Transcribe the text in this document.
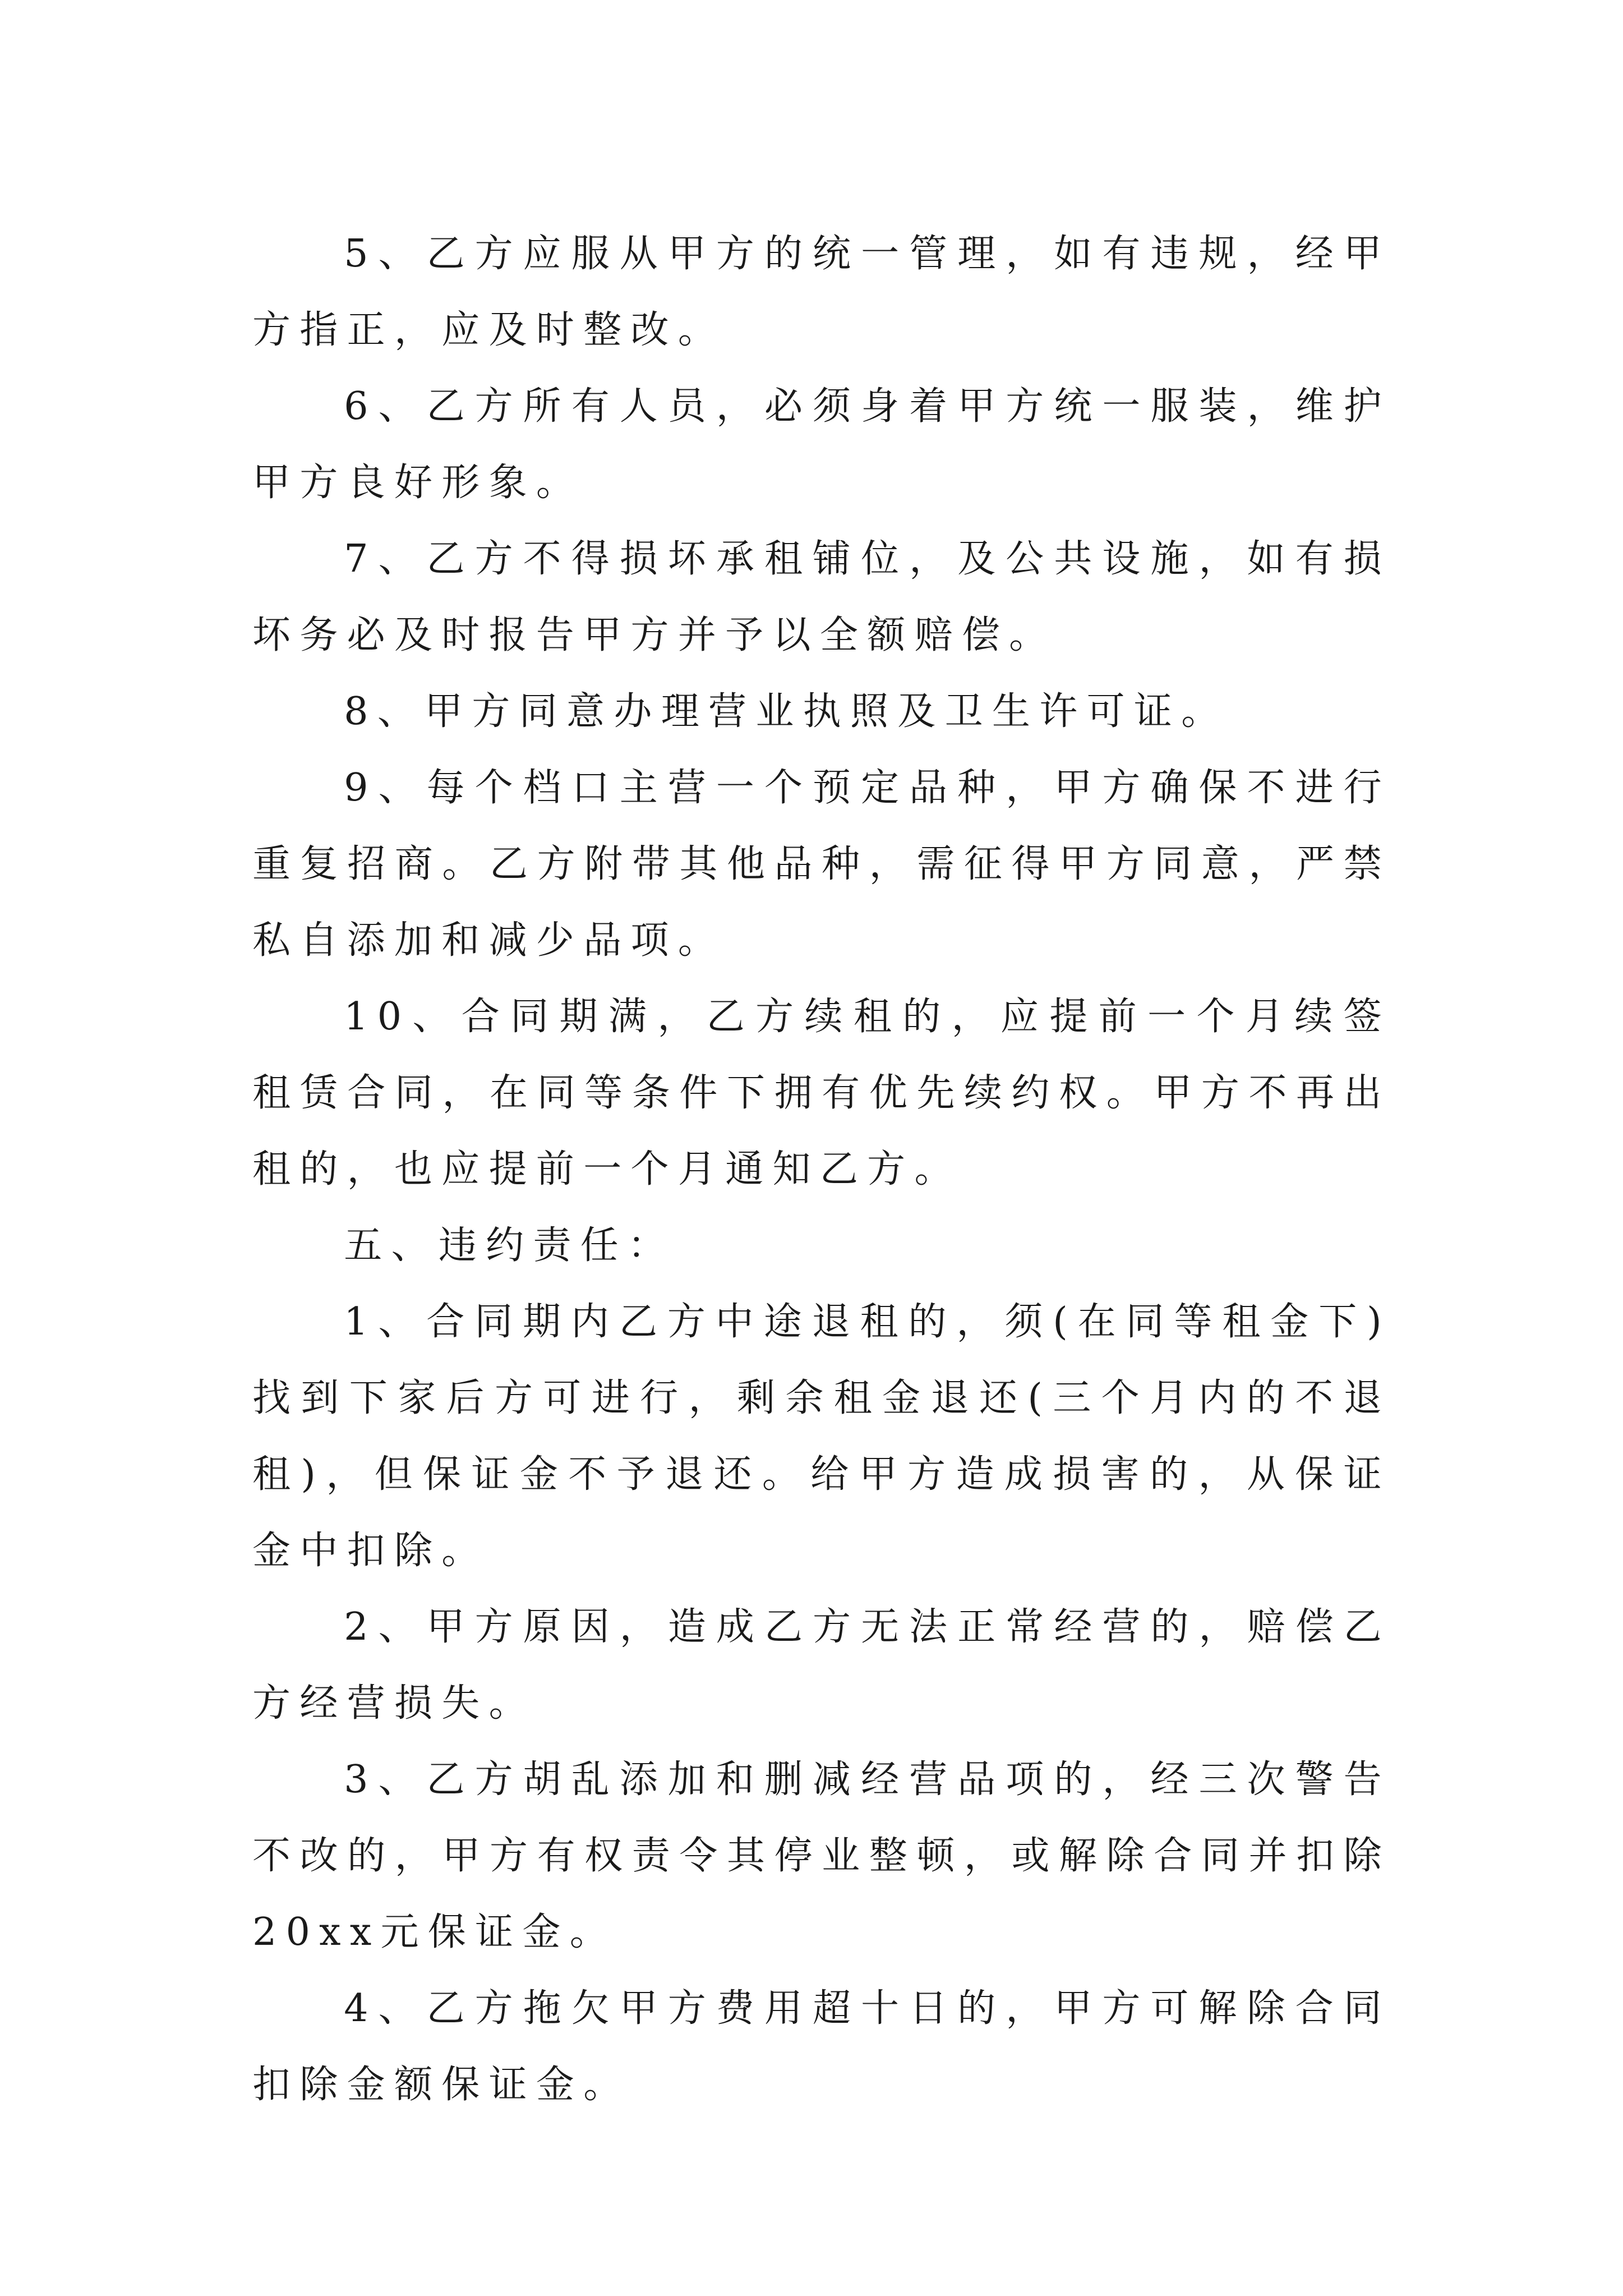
5、乙方应服从甲方的统一管理，如有违规，经甲方指正，应及时整改。

6、乙方所有人员，必须身着甲方统一服装，维护甲方良好形象。

7、乙方不得损坏承租铺位，及公共设施，如有损坏务必及时报告甲方并予以全额赔偿。

8、甲方同意办理营业执照及卫生许可证。

9、每个档口主营一个预定品种，甲方确保不进行重复招商。乙方附带其他品种，需征得甲方同意，严禁私自添加和减少品项。

10、合同期满，乙方续租的，应提前一个月续签租赁合同，在同等条件下拥有优先续约权。甲方不再出租的，也应提前一个月通知乙方。

五、违约责任：

1、合同期内乙方中途退租的，须(在同等租金下)找到下家后方可进行，剩余租金退还(三个月内的不退租)，但保证金不予退还。给甲方造成损害的，从保证金中扣除。

2、甲方原因，造成乙方无法正常经营的，赔偿乙方经营损失。

3、乙方胡乱添加和删减经营品项的，经三次警告不改的，甲方有权责令其停业整顿，或解除合同并扣除20xx元保证金。

4、乙方拖欠甲方费用超十日的，甲方可解除合同扣除金额保证金。
